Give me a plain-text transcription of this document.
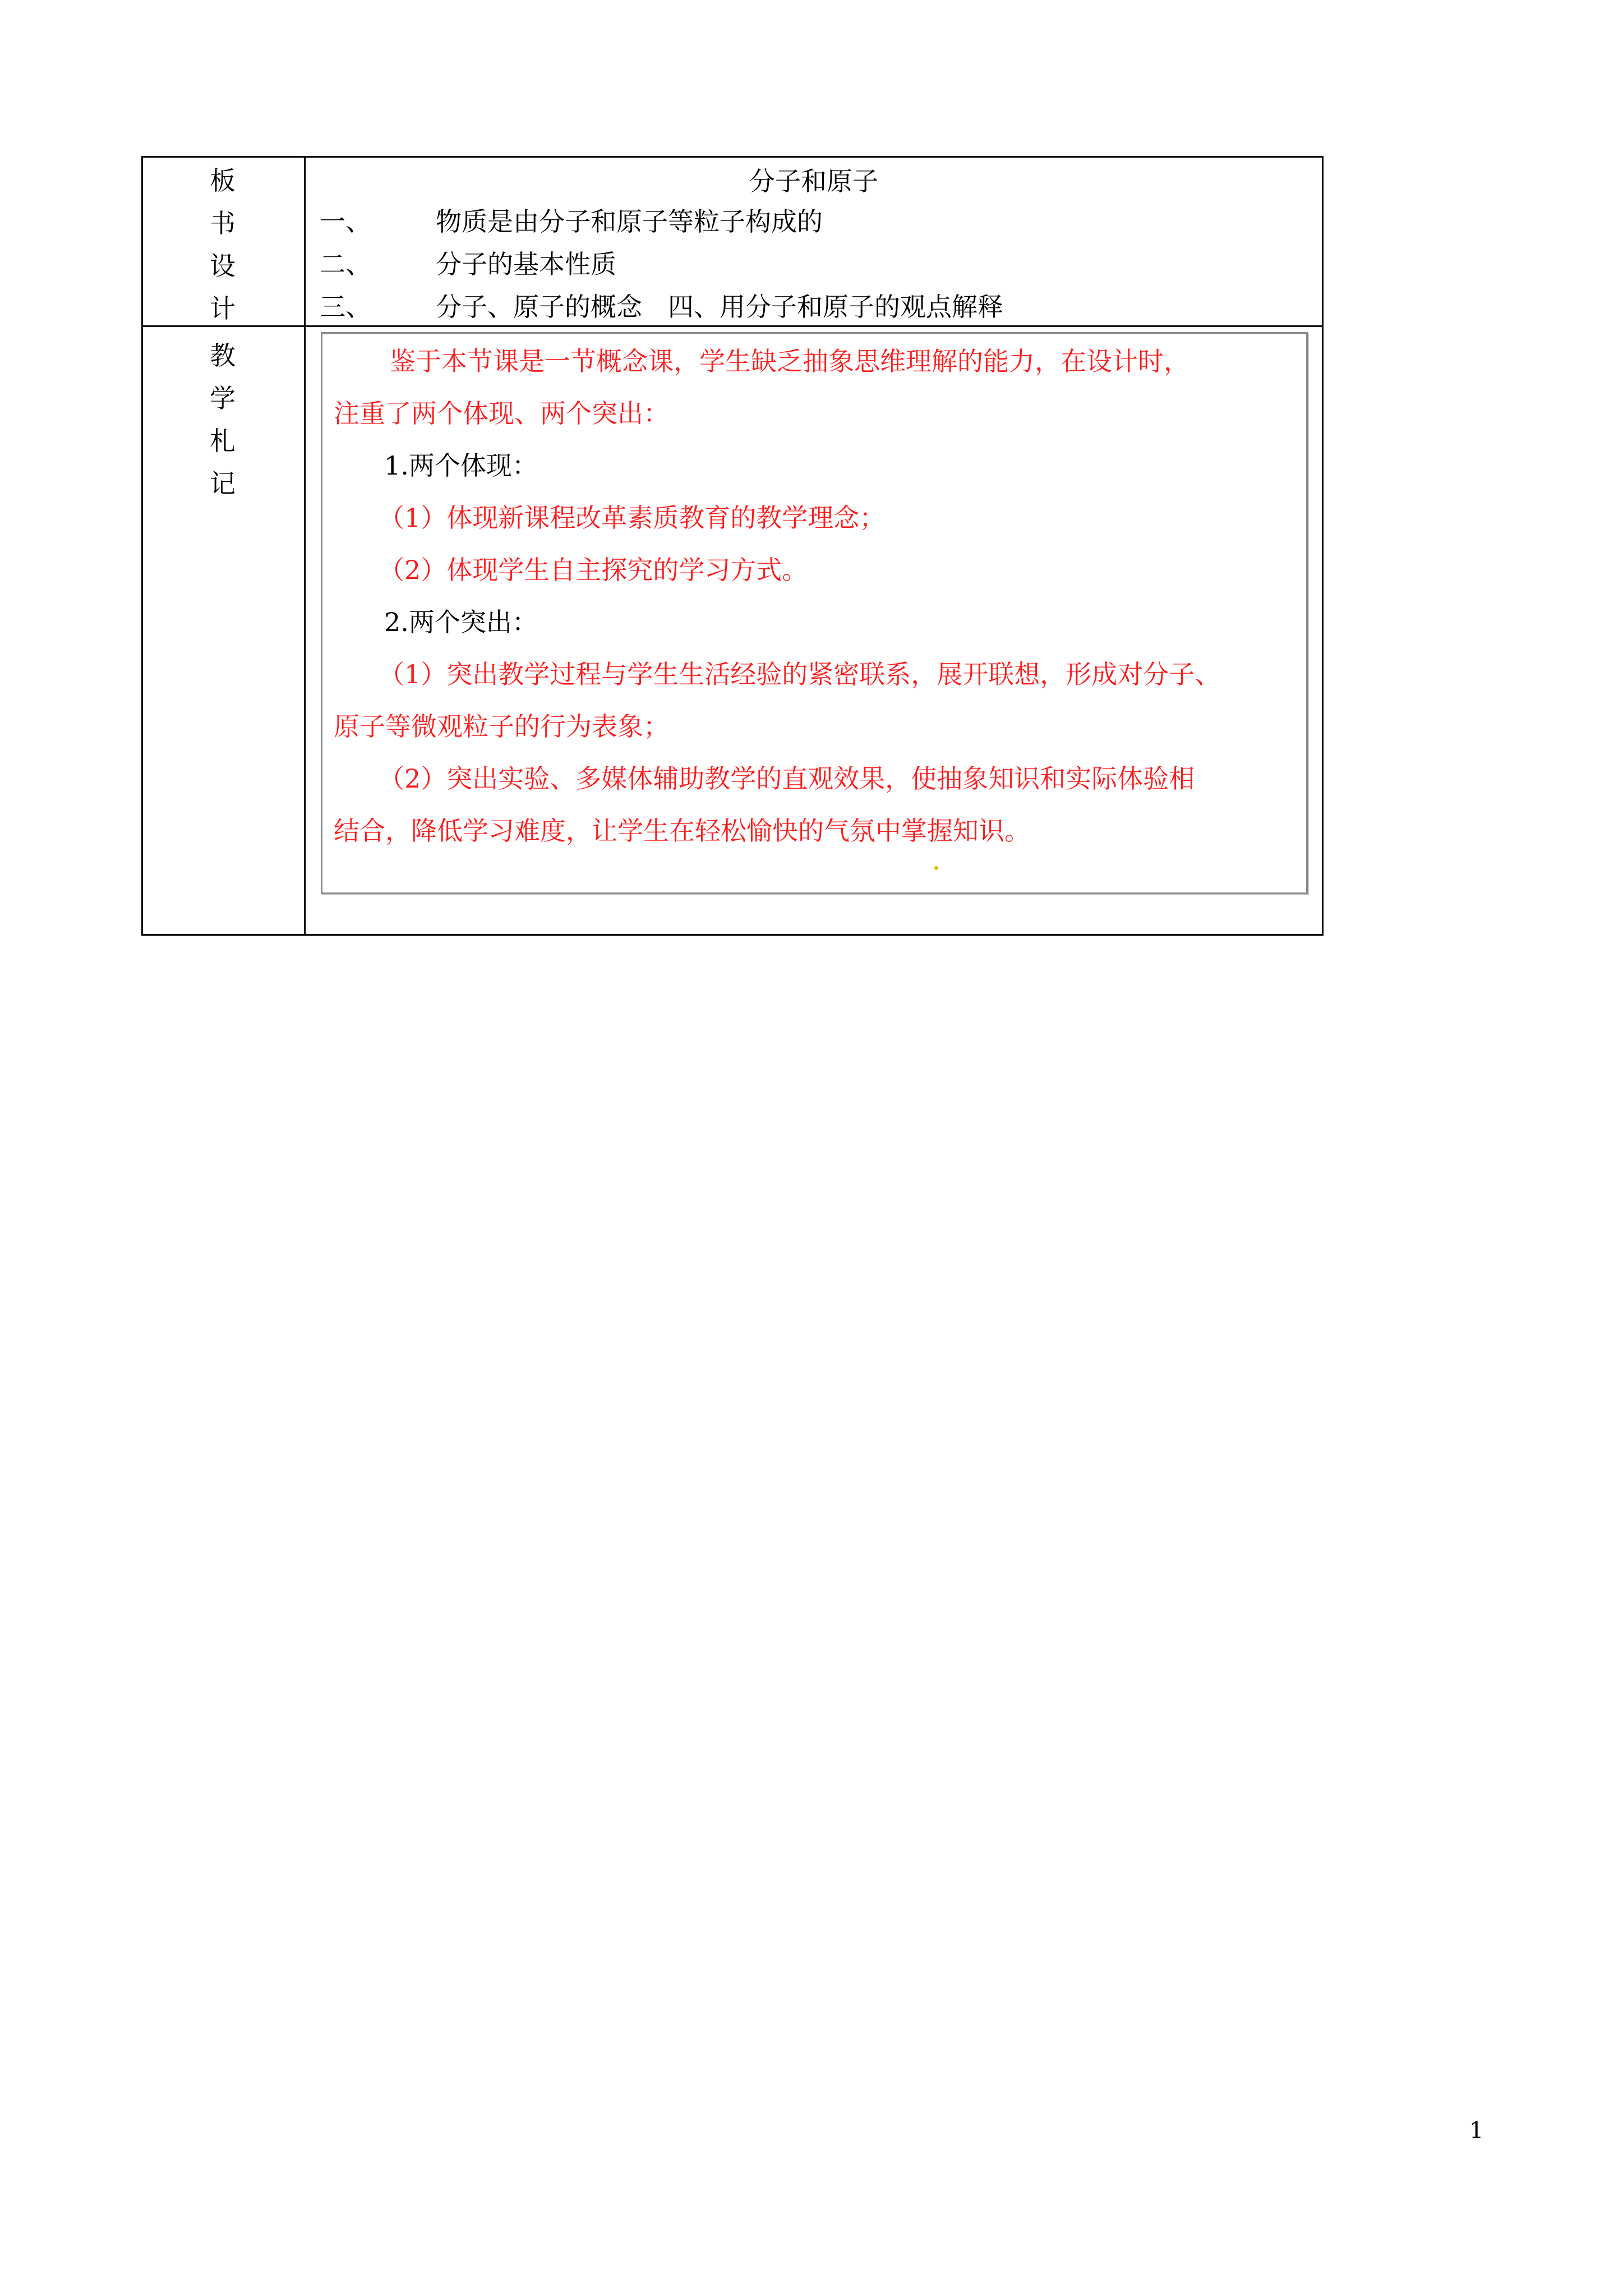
板
书
设
计
分子和原子
一、	物质是由分子和原子等粒子构成的
二、	分子的基本性质
三、	分子、原子的概念　四、用分子和原子的观点解释
教
学
札
记
鉴于本节课是一节概念课，学生缺乏抽象思维理解的能力，在设计时，
注重了两个体现、两个突出：
1.两个体现：
（1）体现新课程改革素质教育的教学理念；
（2）体现学生自主探究的学习方式。
2.两个突出：
（1）突出教学过程与学生生活经验的紧密联系，展开联想，形成对分子、
原子等微观粒子的行为表象；
（2）突出实验、多媒体辅助教学的直观效果，使抽象知识和实际体验相
结合，降低学习难度，让学生在轻松愉快的气氛中掌握知识。
1
